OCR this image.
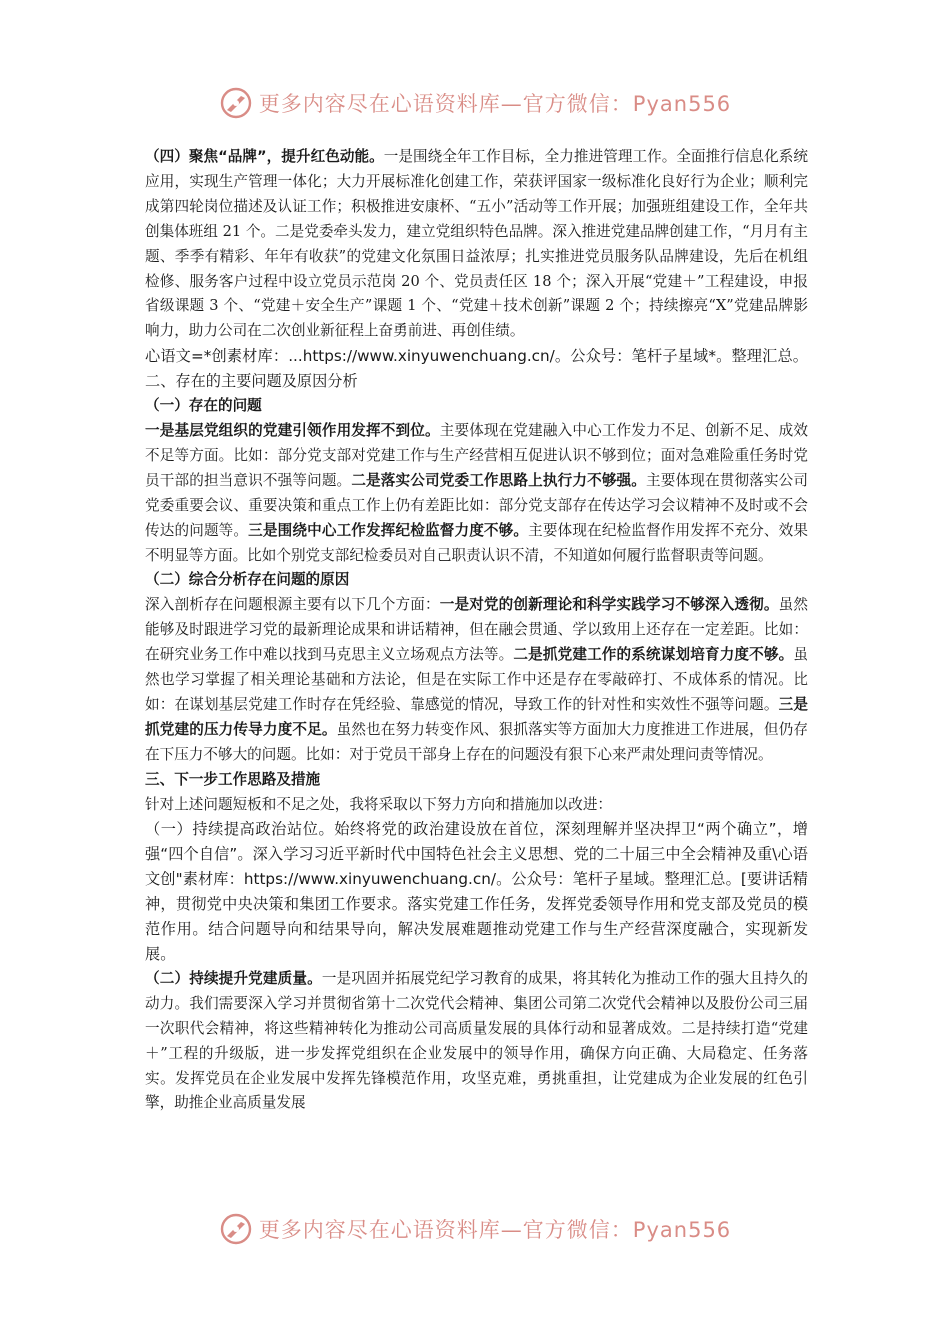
更多内容尽在心语资料库—官方微信：Pyan556

（四）聚焦“品牌”，提升红色动能。一是围绕全年工作目标，全力推进管理工作。全面推行信息化系统应用，实现生产管理一体化；大力开展标准化创建工作，荣获评国家一级标准化良好行为企业；顺利完成第四轮岗位描述及认证工作；积极推进安康杯、“五小”活动等工作开展；加强班组建设工作，全年共创集体班组 21 个。二是党委牵头发力，建立党组织特色品牌。深入推进党建品牌创建工作，“月月有主题、季季有精彩、年年有收获”的党建文化氛围日益浓厚；扎实推进党员服务队品牌建设，先后在机组检修、服务客户过程中设立党员示范岗 20 个、党员责任区 18 个；深入开展“党建＋”工程建设，申报省级课题 3 个、“党建＋安全生产”课题 1 个、“党建＋技术创新”课题 2 个；持续擦亮“X”党建品牌影响力，助力公司在二次创业新征程上奋勇前进、再创佳绩。

心语文=*创素材库：...https://www.xinyuwenchuang.cn/。公众号：笔杆子星域*。整理汇总。二、存在的主要问题及原因分析

（一）存在的问题

一是基层党组织的党建引领作用发挥不到位。主要体现在党建融入中心工作发力不足、创新不足、成效不足等方面。比如：部分党支部对党建工作与生产经营相互促进认识不够到位；面对急难险重任务时党员干部的担当意识不强等问题。二是落实公司党委工作思路上执行力不够强。主要体现在贯彻落实公司党委重要会议、重要决策和重点工作上仍有差距比如：部分党支部存在传达学习会议精神不及时或不会传达的问题等。三是围绕中心工作发挥纪检监督力度不够。主要体现在纪检监督作用发挥不充分、效果不明显等方面。比如个别党支部纪检委员对自己职责认识不清，不知道如何履行监督职责等问题。

（二）综合分析存在问题的原因

深入剖析存在问题根源主要有以下几个方面：一是对党的创新理论和科学实践学习不够深入透彻。虽然能够及时跟进学习党的最新理论成果和讲话精神，但在融会贯通、学以致用上还存在一定差距。比如：在研究业务工作中难以找到马克思主义立场观点方法等。二是抓党建工作的系统谋划培育力度不够。虽然也学习掌握了相关理论基础和方法论，但是在实际工作中还是存在零敲碎打、不成体系的情况。比如：在谋划基层党建工作时存在凭经验、靠感觉的情况，导致工作的针对性和实效性不强等问题。三是抓党建的压力传导力度不足。虽然也在努力转变作风、狠抓落实等方面加大力度推进工作进展，但仍存在下压力不够大的问题。比如：对于党员干部身上存在的问题没有狠下心来严肃处理问责等情况。

三、下一步工作思路及措施

针对上述问题短板和不足之处，我将采取以下努力方向和措施加以改进：

（一）持续提高政治站位。始终将党的政治建设放在首位，深刻理解并坚决捍卫“两个确立”，增强“四个自信”。深入学习习近平新时代中国特色社会主义思想、党的二十届三中全会精神及重\心语文创"素材库：https://www.xinyuwenchuang.cn/。公众号：笔杆子星域。整理汇总。[要讲话精神，贯彻党中央决策和集团工作要求。落实党建工作任务，发挥党委领导作用和党支部及党员的模范作用。结合问题导向和结果导向，解决发展难题推动党建工作与生产经营深度融合，实现新发展。

（二）持续提升党建质量。一是巩固并拓展党纪学习教育的成果，将其转化为推动工作的强大且持久的动力。我们需要深入学习并贯彻省第十二次党代会精神、集团公司第二次党代会精神以及股份公司三届一次职代会精神，将这些精神转化为推动公司高质量发展的具体行动和显著成效。二是持续打造“党建＋”工程的升级版，进一步发挥党组织在企业发展中的领导作用，确保方向正确、大局稳定、任务落实。发挥党员在企业发展中发挥先锋模范作用，攻坚克难，勇挑重担，让党建成为企业发展的红色引擎，助推企业高质量发展

更多内容尽在心语资料库—官方微信：Pyan556
